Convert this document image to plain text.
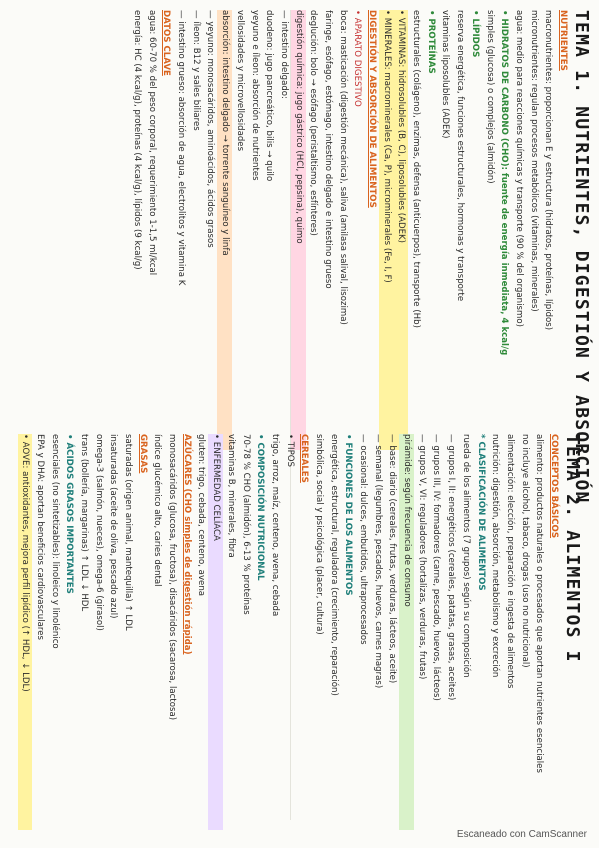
TEMA 1. NUTRIENTES, DIGESTIÓN Y ABSORCIÓN
NUTRIENTES
macronutrientes: proporcionan E y estructura (hidratos, proteínas, lípidos)
micronutrientes: regulan procesos metabólicos (vitaminas, minerales)
agua: medio para reacciones químicas y transporte (90 % del organismo)
• HIDRATOS DE CARBONO (CHO): fuente de energía inmediata, 4 kcal/g
simples (glucosa) o complejos (almidón)
• LÍPIDOS
reserva energética, funciones estructurales, hormonas y transporte
vitaminas liposolubles (ADEK)
• PROTEÍNAS
estructurales (colágeno), enzimas, defensa (anticuerpos), transporte (Hb)
• VITAMINAS: hidrosolubles (B, C), liposolubles (ADEK)
• MINERALES: macrominerales (Ca, P), microminerales (Fe, I, F)
DIGESTIÓN Y ABSORCIÓN DE ALIMENTOS
• APARATO DIGESTIVO
boca: masticación (digestión mecánica), saliva (amilasa salival, lisozima)
faringe, esófago, estómago, intestino delgado e intestino grueso
deglución: bolo → esófago (peristaltismo, esfínteres)
digestión química: jugo gástrico (HCl, pepsina), quimo
— intestino delgado:
duodeno: jugo pancreático, bilis → quilo
yeyuno e íleon: absorción de nutrientes
vellosidades y microvellosidades
absorción: intestino delgado → torrente sanguíneo y linfa
— yeyuno: monosacáridos, aminoácidos, ácidos grasos
— íleon: B12 y sales biliares
— intestino grueso: absorción de agua, electrolitos y vitamina K
DATOS CLAVE
agua: 60-70 % del peso corporal, requerimiento 1-1,5 ml/kcal
energía: HC (4 kcal/g), proteínas (4 kcal/g), lípidos (9 kcal/g)
TEMA 2. ALIMENTOS I
CONCEPTOS BÁSICOS
alimento: productos naturales o procesados que aportan nutrientes esenciales
no incluye alcohol, tabaco, drogas (uso no nutricional)
alimentación: elección, preparación e ingesta de alimentos
nutrición: digestión, absorción, metabolismo y excreción
* CLASIFICACIÓN DE ALIMENTOS
rueda de los alimentos (7 grupos) según su composición
— grupos I, II: energéticos (cereales, patatas, grasas, aceites)
— grupos III, IV: formadores (carne, pescado, huevos, lácteos)
— grupos V, VI: reguladores (hortalizas, verduras, frutas)
pirámide: según frecuencia de consumo
— base: diario (cereales, frutas, verduras, lácteos, aceite)
— semanal (legumbres, pescados, huevos, carnes magras)
— ocasional: dulces, embutidos, ultraprocesados
• FUNCIONES DE LOS ALIMENTOS
energética, estructural, reguladora (crecimiento, reparación)
simbólica, social y psicológica (placer, cultura)
CEREALES
• TIPOS
trigo, arroz, maíz, centeno, avena, cebada
• COMPOSICIÓN NUTRICIONAL
70-78 % CHO (almidón), 6-13 % proteínas
vitaminas B, minerales, fibra
• ENFERMEDAD CELÍACA
gluten: trigo, cebada, centeno, avena
AZÚCARES (CHO simples de digestión rápida)
monosacáridos (glucosa, fructosa), disacáridos (sacarosa, lactosa)
índice glucémico alto, caries dental
GRASAS
saturadas (origen animal, mantequilla) ↑ LDL
insaturadas (aceite de oliva, pescado azul)
omega-3 (salmón, nueces), omega-6 (girasol)
trans (bollería, margarinas) ↑ LDL ↓ HDL
• ÁCIDOS GRASOS IMPORTANTES
esenciales (no sintetizables): linoleico y linolénico
EPA y DHA: aportan beneficios cardiovasculares
• AOVE: antioxidantes, mejora perfil lipídico (↑ HDL, ↓ LDL)
Escaneado con CamScanner
